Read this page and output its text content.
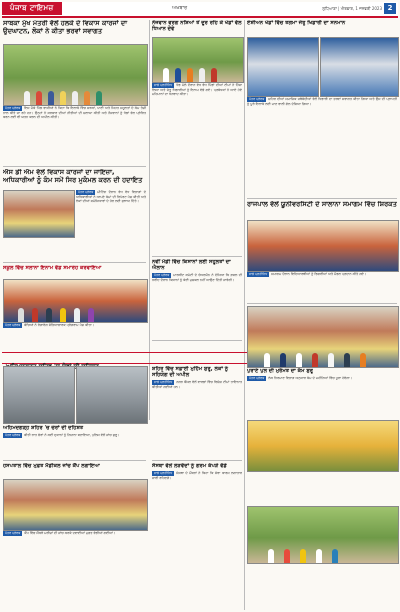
ਪੰਜਾਬ ਟਾਇਮਜ਼	ਅਖ਼ਬਾਰ	ਲੁਧਿਆਣਾ | ਐਤਵਾਰ, 1 ਜਨਵਰੀ 2023 2
ਸਾਬਕਾ ਮੁੱਖ ਮੰਤਰੀ ਵੱਲੋਂ ਹਲਕੇ ਦੇ ਵਿਕਾਸ ਕਾਰਜਾਂ ਦਾ ਉਦਘਾਟਨ, ਲੋਕਾਂ ਨੇ ਕੀਤਾ ਭਰਵਾਂ ਸਵਾਗਤ
ਪੱਤਰ ਪ੍ਰੇਰਕ ਇਸ ਮੌਕੇ ਪਿੰਡ ਵਾਸੀਆਂ ਨੇ ਕਿਹਾ ਕਿ ਇਲਾਕੇ ਵਿੱਚ ਸੜਕਾਂ, ਪਾਣੀ ਅਤੇ ਸਿਹਤ ਸਹੂਲਤਾਂ ਦੇ ਕੰਮ ਤੇਜ਼ੀ ਨਾਲ ਕੀਤੇ ਜਾ ਰਹੇ ਹਨ। ਉਨ੍ਹਾਂ ਨੇ ਸਰਕਾਰ ਦੀਆਂ ਨੀਤੀਆਂ ਦੀ ਸ਼ਲਾਘਾ ਕੀਤੀ ਅਤੇ ਨੌਜਵਾਨਾਂ ਨੂੰ ਖੇਡਾਂ ਵੱਲ ਪ੍ਰੇਰਿਤ ਕਰਨ ਲਈ ਵੀ ਯਤਨ ਕਰਨ ਦੀ ਅਪੀਲ ਕੀਤੀ।
ਐਸ ਡੀ ਐਮ ਵੱਲੋਂ ਵਿਕਾਸ ਕਾਰਜਾਂ ਦਾ ਜਾਇਜ਼ਾ, ਅਧਿਕਾਰੀਆਂ ਨੂੰ ਕੰਮ ਸਮੇਂ ਸਿਰ ਮੁਕੰਮਲ ਕਰਨ ਦੀ ਹਦਾਇਤ
ਪੱਤਰ ਪ੍ਰੇਰਕ ਮੀਟਿੰਗ ਦੌਰਾਨ ਵੱਖ ਵੱਖ ਵਿਭਾਗਾਂ ਦੇ ਅਧਿਕਾਰੀਆਂ ਨੇ ਆਪਣੇ ਕੰਮਾਂ ਦੀ ਰਿਪੋਰਟ ਪੇਸ਼ ਕੀਤੀ ਅਤੇ ਲੋਕਾਂ ਦੀਆਂ ਸਮੱਸਿਆਵਾਂ ਦੇ ਹੱਲ ਲਈ ਸੁਝਾਅ ਦਿੱਤੇ।
ਸਕੂਲ ਵਿੱਚ ਸਲਾਨਾ ਇਨਾਮ ਵੰਡ ਸਮਾਰੋਹ ਕਰਵਾਇਆ
ਪੱਤਰ ਪ੍ਰੇਰਕ ਬੱਚਿਆਂ ਨੇ ਰੰਗਾਰੰਗ ਸੱਭਿਆਚਾਰਕ ਪ੍ਰੋਗਰਾਮ ਪੇਸ਼ ਕੀਤਾ।
ਅਹਿਮਦਗੜ੍ਹ ਸ਼ਹਿਰ 'ਚ ਚੋਰਾਂ ਦੀ ਦਹਿਸ਼ਤ
ਪੱਤਰ ਪ੍ਰੇਰਕ ਬੀਤੀ ਰਾਤ ਚੋਰਾਂ ਨੇ ਕਈ ਦੁਕਾਨਾਂ ਨੂੰ ਨਿਸ਼ਾਨਾ ਬਣਾਇਆ, ਪੁਲਿਸ ਵੱਲੋਂ ਜਾਂਚ ਸ਼ੁਰੂ।
ਹਸਪਤਾਲ ਵਿੱਚ ਮੁਫ਼ਤ ਮੈਡੀਕਲ ਜਾਂਚ ਕੈਂਪ ਲਗਾਇਆ
ਪੱਤਰ ਪ੍ਰੇਰਕ ਕੈਂਪ ਵਿੱਚ ਸੈਂਕੜੇ ਮਰੀਜ਼ਾਂ ਦੀ ਜਾਂਚ ਕਰਕੇ ਦਵਾਈਆਂ ਮੁਫ਼ਤ ਵੰਡੀਆਂ ਗਈਆਂ।
ਨੌਜਵਾਨ ਵਰਗ ਨਸ਼ਿਆਂ ਤੋਂ ਦੂਰ ਰਹਿ ਕੇ ਖੇਡਾਂ ਵੱਲ ਧਿਆਨ ਦੇਵੇ
ਸਾਡੇ ਪ੍ਰਤੀਨਿਧ ਖੇਡ ਮੇਲੇ ਦੌਰਾਨ ਵੱਖ ਵੱਖ ਪਿੰਡਾਂ ਦੀਆਂ ਟੀਮਾਂ ਨੇ ਹਿੱਸਾ ਲਿਆ ਅਤੇ ਜੇਤੂ ਖਿਡਾਰੀਆਂ ਨੂੰ ਇਨਾਮ ਵੰਡੇ ਗਏ। ਪ੍ਰਬੰਧਕਾਂ ਨੇ ਆਏ ਹੋਏ ਮਹਿਮਾਨਾਂ ਦਾ ਧੰਨਵਾਦ ਕੀਤਾ।
ਨਵੀਂ ਮੰਡੀ ਵਿੱਚ ਕਿਸਾਨਾਂ ਲਈ ਸਹੂਲਤਾਂ ਦਾ ਐਲਾਨ
ਪੱਤਰ ਪ੍ਰੇਰਕ ਮਾਰਕੀਟ ਕਮੇਟੀ ਦੇ ਚੇਅਰਮੈਨ ਨੇ ਦੱਸਿਆ ਕਿ ਫ਼ਸਲ ਦੀ ਖ਼ਰੀਦ ਦੌਰਾਨ ਕਿਸਾਨਾਂ ਨੂੰ ਕੋਈ ਮੁਸ਼ਕਲ ਨਹੀਂ ਆਉਣ ਦਿੱਤੀ ਜਾਵੇਗੀ।
ਸ਼ਹਿਰ ਵਿੱਚ ਸਫ਼ਾਈ ਮੁਹਿੰਮ ਸ਼ੁਰੂ, ਲੋਕਾਂ ਨੂੰ ਸਹਿਯੋਗ ਦੀ ਅਪੀਲ
ਸਾਡੇ ਪ੍ਰਤੀਨਿਧ ਨਗਰ ਕੌਂਸਲ ਵੱਲੋਂ ਵਾਰਡਾਂ ਵਿੱਚ ਵਿਸ਼ੇਸ਼ ਟੀਮਾਂ ਤਾਇਨਾਤ ਕੀਤੀਆਂ ਗਈਆਂ ਹਨ।
ਸੰਸਥਾ ਵੱਲੋਂ ਲੋੜਵੰਦਾਂ ਨੂੰ ਗਰਮ ਕੱਪੜੇ ਵੰਡੇ
ਸਾਡੇ ਪ੍ਰਤੀਨਿਧ ਸੰਸਥਾ ਦੇ ਮੈਂਬਰਾਂ ਨੇ ਕਿਹਾ ਕਿ ਸੇਵਾ ਕਾਰਜ ਲਗਾਤਾਰ ਜਾਰੀ ਰਹਿਣਗੇ।
ਏਸ਼ੀਅਨ ਖੇਡਾਂ ਵਿੱਚ ਤਗਮਾ ਜੇਤੂ ਖਿਡਾਰੀ ਦਾ ਸਨਮਾਨ
ਪੱਤਰ ਪ੍ਰੇਰਕ ਸ਼ਹਿਰ ਦੀਆਂ ਸਮਾਜਿਕ ਜਥੇਬੰਦੀਆਂ ਵੱਲੋਂ ਖਿਡਾਰੀ ਦਾ ਭਰਵਾਂ ਸਵਾਗਤ ਕੀਤਾ ਗਿਆ ਅਤੇ ਉਸ ਦੀ ਪ੍ਰਾਪਤੀ ਨੂੰ ਪੂਰੇ ਇਲਾਕੇ ਲਈ ਮਾਣ ਵਾਲੀ ਗੱਲ ਦੱਸਿਆ ਗਿਆ।
ਰਾਜਪਾਲ ਵੱਲੋਂ ਯੂਨੀਵਰਸਿਟੀ ਦੇ ਸਾਲਾਨਾ ਸਮਾਗਮ ਵਿੱਚ ਸ਼ਿਰਕਤ
ਸਾਡੇ ਪ੍ਰਤੀਨਿਧ ਸਮਾਗਮ ਦੌਰਾਨ ਵਿਦਿਆਰਥੀਆਂ ਨੂੰ ਡਿਗਰੀਆਂ ਅਤੇ ਮੈਡਲ ਪ੍ਰਦਾਨ ਕੀਤੇ ਗਏ।
ਪੁਰਾਣੇ ਪੁਲ ਦੀ ਮੁਰੰਮਤ ਦਾ ਕੰਮ ਸ਼ੁਰੂ
ਪੱਤਰ ਪ੍ਰੇਰਕ ਲੋਕ ਨਿਰਮਾਣ ਵਿਭਾਗ ਅਨੁਸਾਰ ਕੰਮ ਦੋ ਮਹੀਨਿਆਂ ਵਿੱਚ ਪੂਰਾ ਹੋਵੇਗਾ।
